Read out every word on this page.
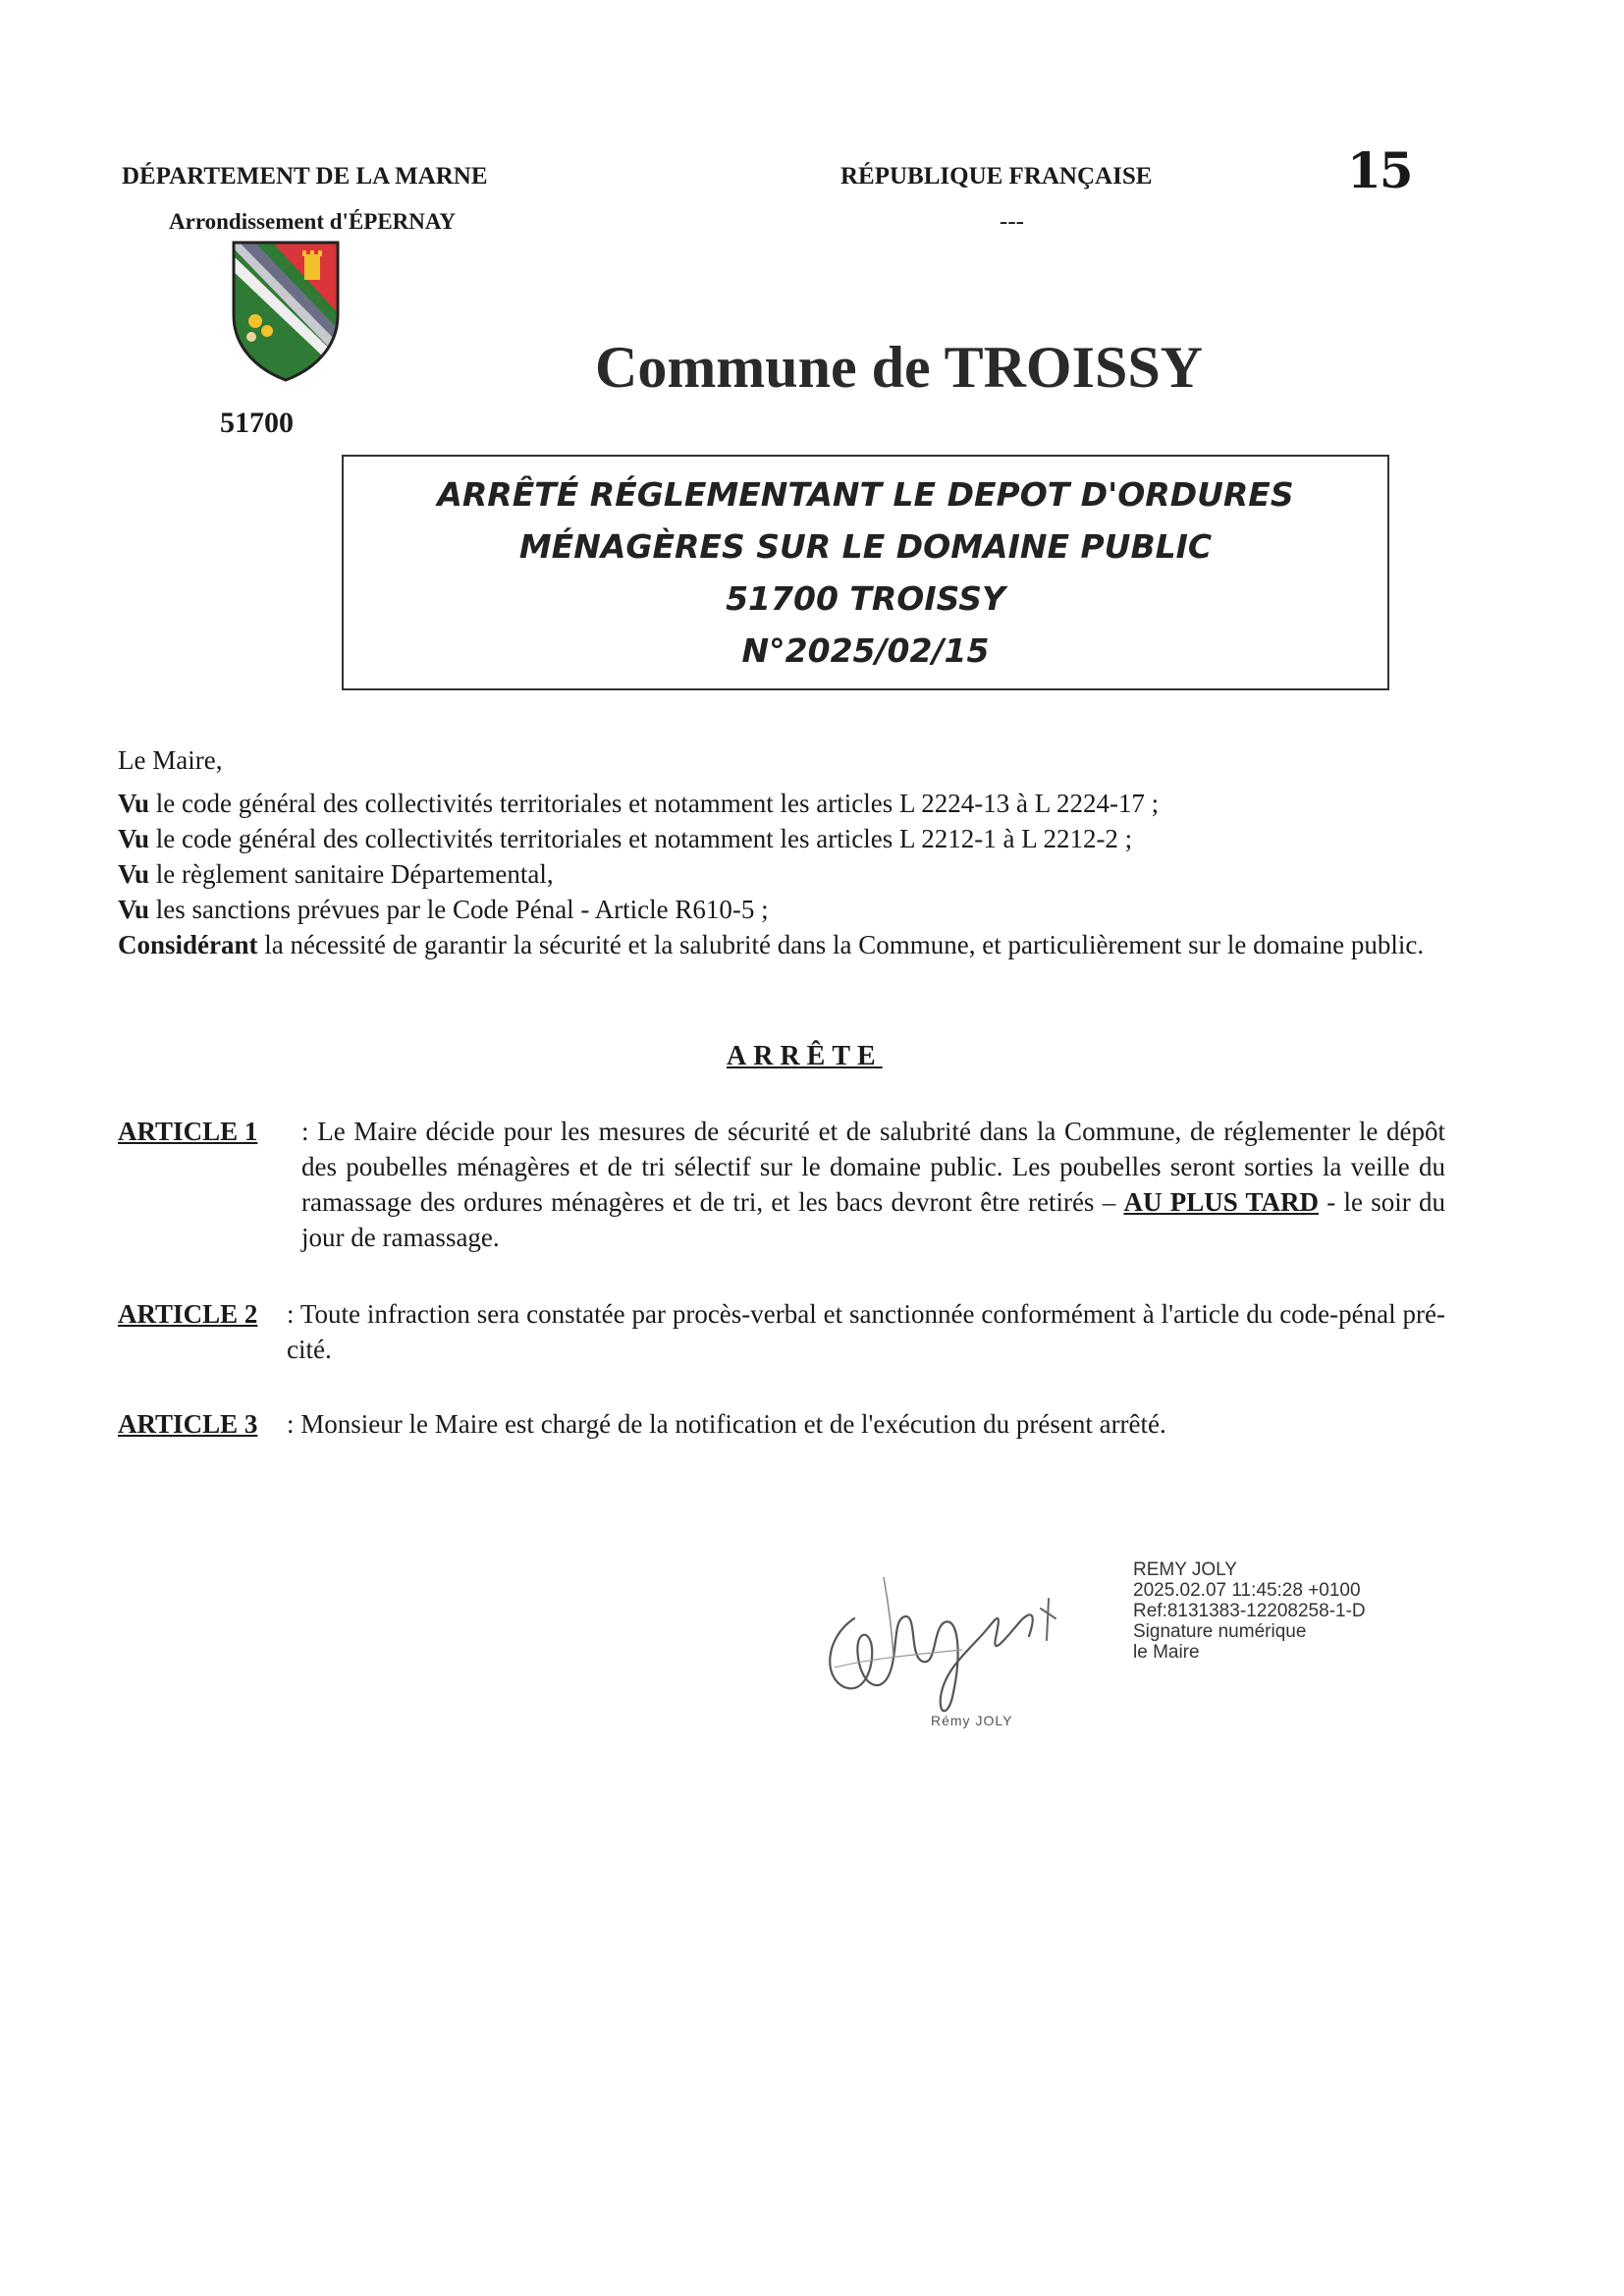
DÉPARTEMENT DE LA MARNE
Arrondissement d'ÉPERNAY
RÉPUBLIQUE FRANÇAISE
---
15
51700
Commune de TROISSY
ARRÊTÉ RÉGLEMENTANT LE DEPOT D'ORDURES
MÉNAGÈRES SUR LE DOMAINE PUBLIC
51700 TROISSY
N°2025/02/15

Le Maire,

Vu le code général des collectivités territoriales et notamment les articles L 2224-13 à L 2224-17 ;

Vu le code général des collectivités territoriales et notamment les articles L 2212-1 à L 2212-2 ;

Vu le règlement sanitaire Départemental,

Vu les sanctions prévues par le Code Pénal - Article R610-5 ;

Considérant la nécessité de garantir la sécurité et la salubrité dans la Commune, et particulièrement sur le domaine public.

ARRÊTE
ARTICLE 1 : Le Maire décide pour les mesures de sécurité et de salubrité dans la Commune, de réglementer le dépôt des poubelles ménagères et de tri sélectif sur le domaine public. Les poubelles seront sorties la veille du ramassage des ordures ménagères et de tri, et les bacs devront être retirés – AU PLUS TARD - le soir du jour de ramassage.
ARTICLE 2 : Toute infraction sera constatée par procès-verbal et sanctionnée conformément à l'article du code-pénal pré-cité.
ARTICLE 3 : Monsieur le Maire est chargé de la notification et de l'exécution du présent arrêté.
Rémy JOLY
REMY JOLY
2025.02.07 11:45:28 +0100
Ref:8131383-12208258-1-D
Signature numérique
le Maire
